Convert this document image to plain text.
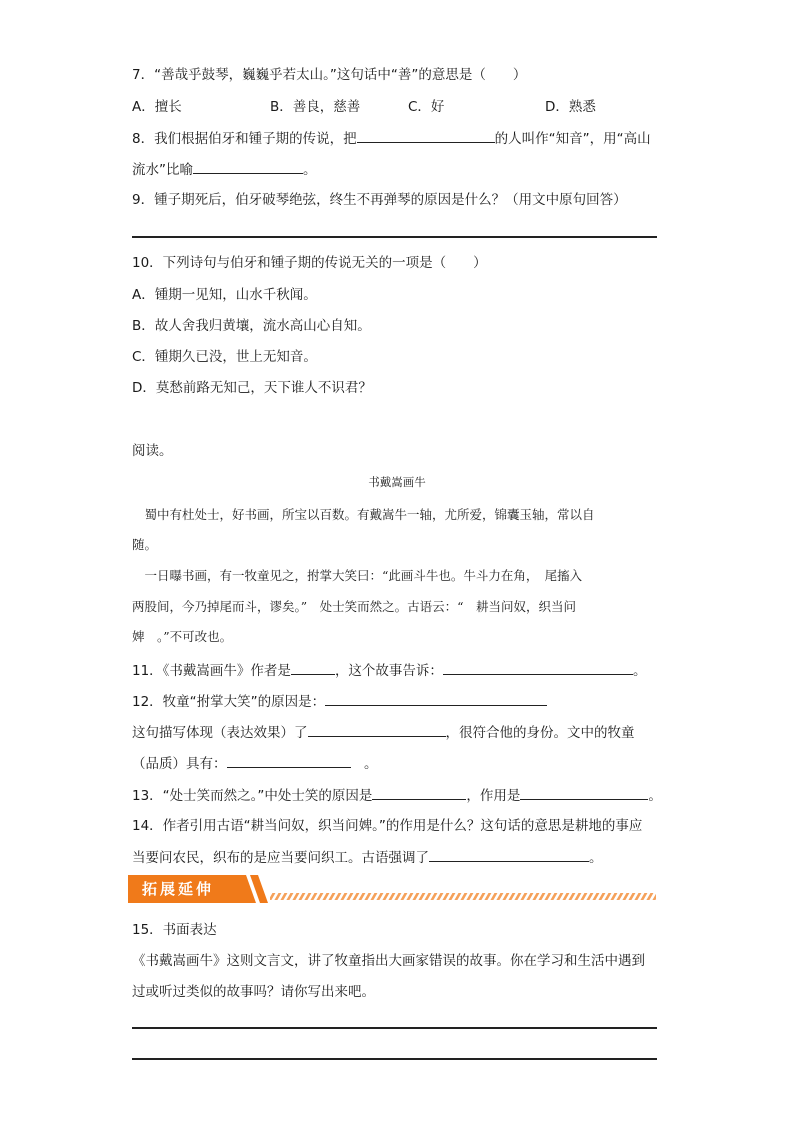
7．“善哉乎鼓琴，巍巍乎若太山。”这句话中“善”的意思是（　　）
A．擅长	B．善良，慈善	C．好	D．熟悉
8．我们根据伯牙和锺子期的传说，把	的人叫作“知音”，用“高山
流水”比喻	。
9．锺子期死后，伯牙破琴绝弦，终生不再弹琴的原因是什么？（用文中原句回答）
10．下列诗句与伯牙和锺子期的传说无关的一项是（　　）
A．锺期一见知，山水千秋闻。
B．故人舍我归黄壤，流水高山心自知。
C．锺期久已没，世上无知音。
D．莫愁前路无知己，天下谁人不识君？
阅读。
书戴嵩画牛
　蜀中有杜处士，好书画，所宝以百数。有戴嵩牛一轴，尤所爱，锦囊玉轴，常以自
随。
　一日曝书画，有一牧童见之，拊掌大笑曰：“此画斗牛也。牛斗力在角，　尾搐入
两股间，今乃掉尾而斗，谬矣。”　处士笑而然之。古语云：“　耕当问奴，织当问
婢　。”不可改也。
11．《书戴嵩画牛》作者是	，这个故事告诉：	。
12．牧童“拊掌大笑”的原因是：
这句描写体现（表达效果）了	，很符合他的身份。文中的牧童
（品质）具有：	　。
13．“处士笑而然之。”中处士笑的原因是	，作用是	。
14．作者引用古语“耕当问奴，织当问婢。”的作用是什么？这句话的意思是耕地的事应
当要问农民，织布的是应当要问织工。古语强调了	。
拓展延伸
15．书面表达
《书戴嵩画牛》这则文言文，讲了牧童指出大画家错误的故事。你在学习和生活中遇到
过或听过类似的故事吗？请你写出来吧。
